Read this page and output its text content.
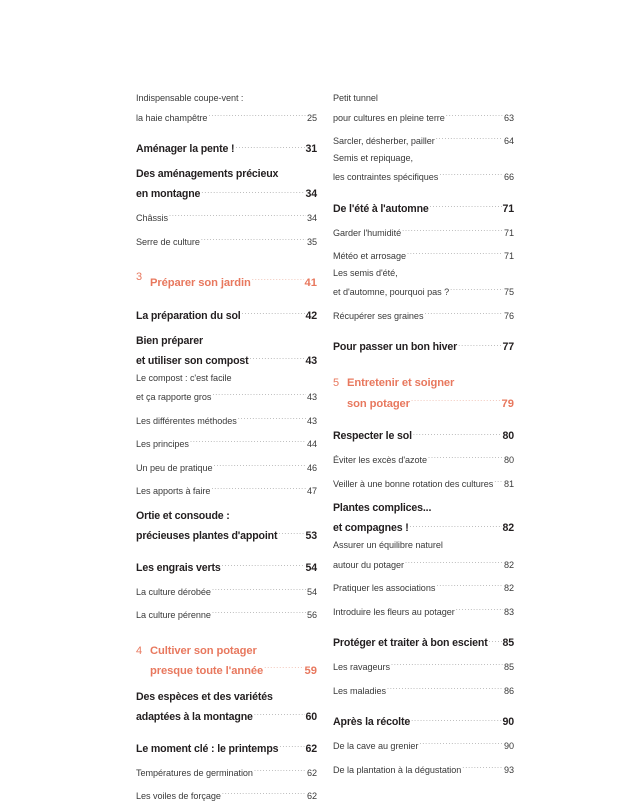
Indispensable coupe-vent :
la haie champêtre .....	25
Aménager la pente ! .....	31
Des aménagements précieux
en montagne .....	34
Châssis .....	34
Serre de culture .....	35
3 Préparer son jardin .....	41
La préparation du sol .....	42
Bien préparer
et utiliser son compost .....	43
Le compost : c'est facile
et ça rapporte gros .....	43
Les différentes méthodes .....	43
Les principes .....	44
Un peu de pratique .....	46
Les apports à faire .....	47
Ortie et consoude :
précieuses plantes d'appoint .....	53
Les engrais verts .....	54
La culture dérobée .....	54
La culture pérenne .....	56
4 Cultiver son potager
presque toute l'année .....	59
Des espèces et des variétés
adaptées à la montagne .....	60
Le moment clé : le printemps .....	62
Températures de germination .....	62
Les voiles de forçage .....	62
Petit tunnel
pour cultures en pleine terre .....	63
Sarcler, désherber, pailler .....	64
Semis et repiquage,
les contraintes spécifiques .....	66
De l'été à l'automne .....	71
Garder l'humidité .....	71
Météo et arrosage .....	71
Les semis d'été,
et d'automne, pourquoi pas ? .....	75
Récupérer ses graines .....	76
Pour passer un bon hiver .....	77
5 Entretenir et soigner
son potager .....	79
Respecter le sol .....	80
Éviter les excès d'azote .....	80
Veiller à une bonne rotation des cultures ..... 81
Plantes complices...
et compagnes ! .....	82
Assurer un équilibre naturel
autour du potager .....	82
Pratiquer les associations .....	82
Introduire les fleurs au potager .....	83
Protéger et traiter à bon escient ..... 85
Les ravageurs .....	85
Les maladies .....	86
Après la récolte .....	90
De la cave au grenier .....	90
De la plantation à la dégustation .....	93
